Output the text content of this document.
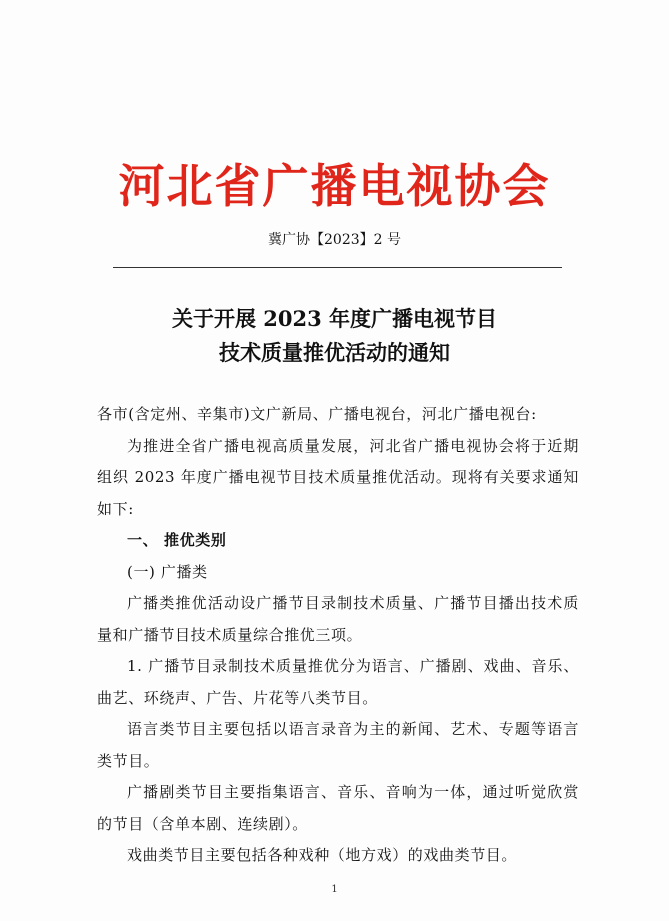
河北省广播电视协会
冀广协【2023】2 号
关于开展 2023 年度广播电视节目
技术质量推优活动的通知

各市(含定州、辛集市)文广新局、广播电视台，河北广播电视台:

为推进全省广播电视高质量发展，河北省广播电视协会将于近期组织 2023 年度广播电视节目技术质量推优活动。现将有关要求通知如下:

一、 推优类别

(一) 广播类

广播类推优活动设广播节目录制技术质量、广播节目播出技术质量和广播节目技术质量综合推优三项。

1. 广播节目录制技术质量推优分为语言、广播剧、戏曲、音乐、曲艺、环绕声、广告、片花等八类节目。

语言类节目主要包括以语言录音为主的新闻、艺术、专题等语言类节目。

广播剧类节目主要指集语言、音乐、音响为一体，通过听觉欣赏的节目（含单本剧、连续剧）。

戏曲类节目主要包括各种戏种（地方戏）的戏曲类节目。

1
